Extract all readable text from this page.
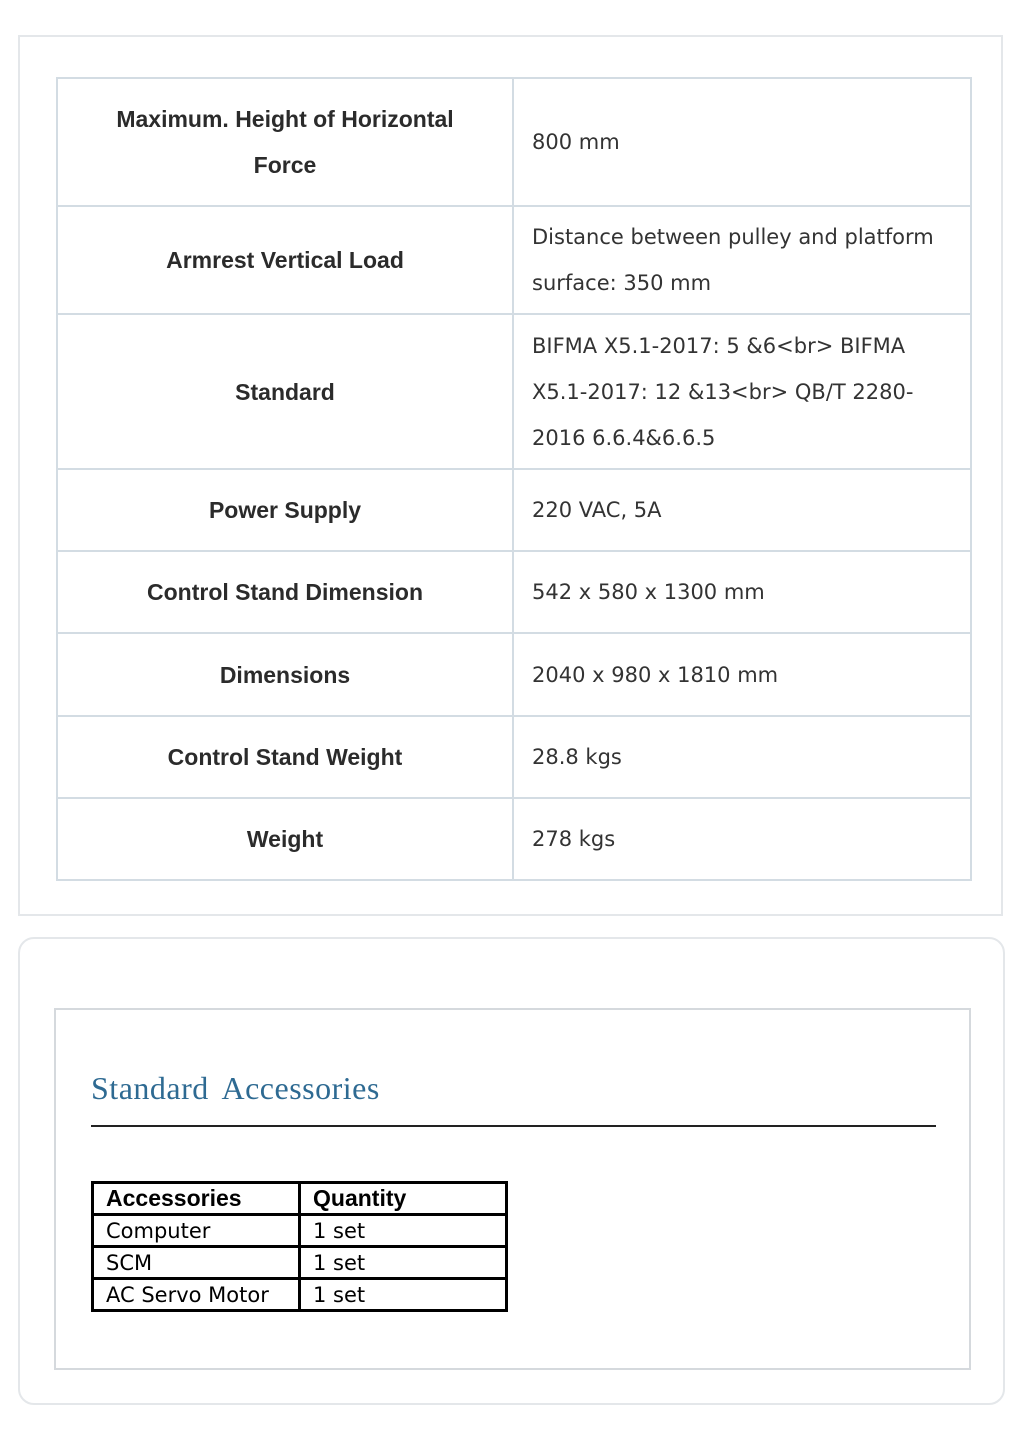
Maximum. Height of Horizontal Force	800 mm
Armrest Vertical Load	Distance between pulley and platform surface: 350 mm
Standard	BIFMA X5.1-2017: 5 &6<br> BIFMA X5.1-2017: 12 &13<br> QB/T 2280-2016 6.6.4&6.6.5
Power Supply	220 VAC, 5A
Control Stand Dimension	542 x 580 x 1300 mm
Dimensions	2040 x 980 x 1810 mm
Control Stand Weight	28.8 kgs
Weight	278 kgs
Standard Accessories
Accessories	Quantity
Computer	1 set
SCM	1 set
AC Servo Motor	1 set
